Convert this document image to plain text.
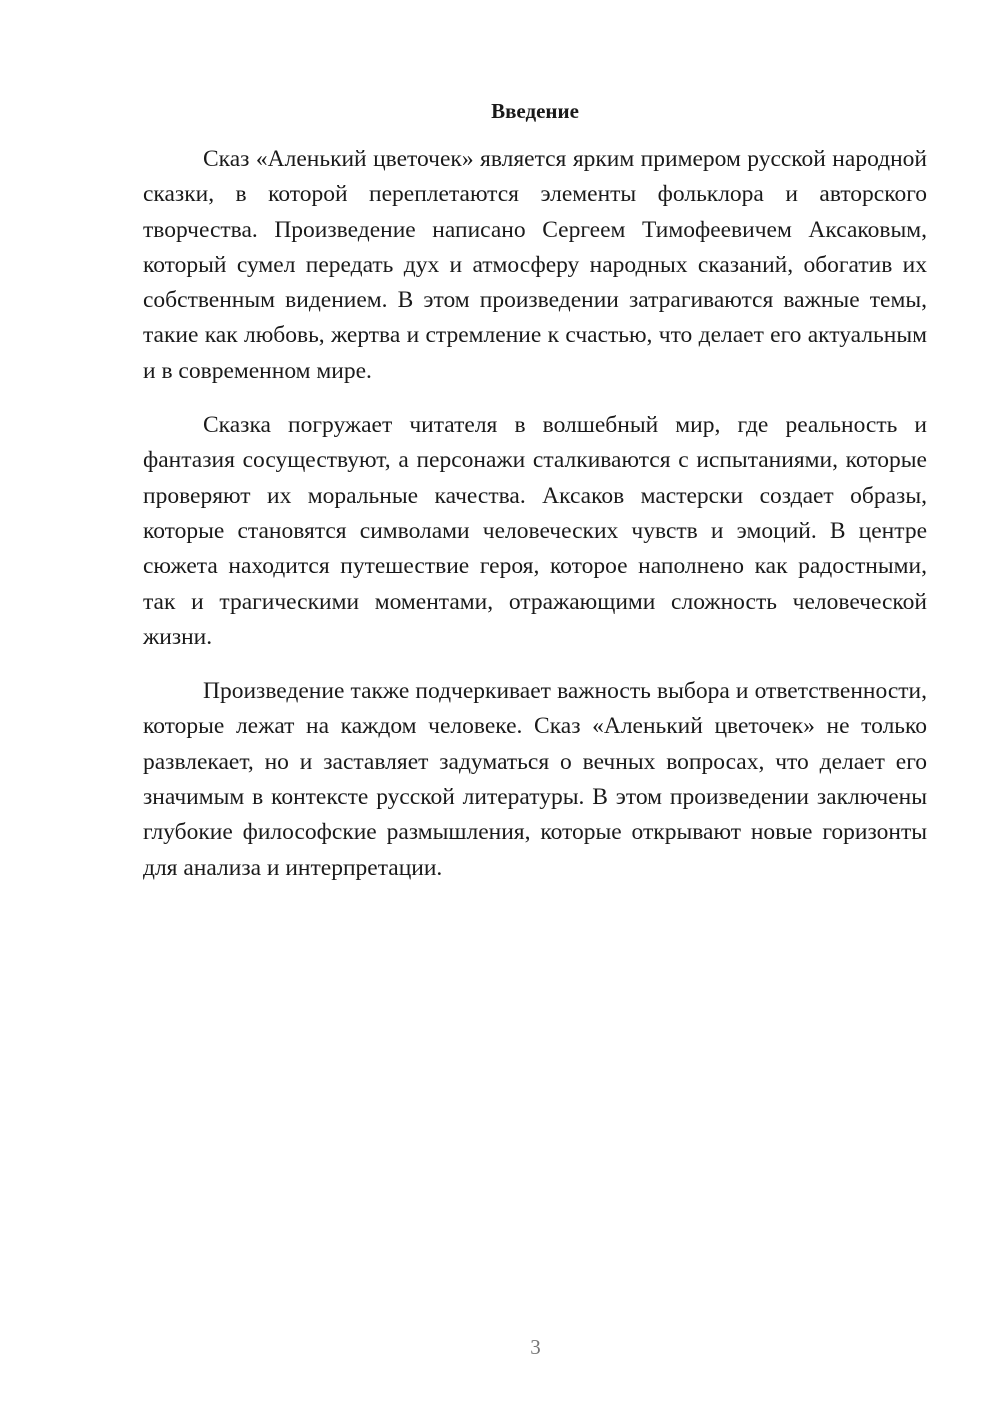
Введение

Сказ «Аленький цветочек» является ярким примером русской народной сказки, в которой переплетаются элементы фольклора и авторского творчества. Произведение написано Сергеем Тимофеевичем Аксаковым, который сумел передать дух и атмосферу народных сказаний, обогатив их собственным видением. В этом произведении затрагиваются важные темы, такие как любовь, жертва и стремление к счастью, что делает его актуальным и в современном мире.

Сказка погружает читателя в волшебный мир, где реальность и фантазия сосуществуют, а персонажи сталкиваются с испытаниями, которые проверяют их моральные качества. Аксаков мастерски создает образы, которые становятся символами человеческих чувств и эмоций. В центре сюжета находится путешествие героя, которое наполнено как радостными, так и трагическими моментами, отражающими сложность человеческой жизни.

Произведение также подчеркивает важность выбора и ответственности, которые лежат на каждом человеке. Сказ «Аленький цветочек» не только развлекает, но и заставляет задуматься о вечных вопросах, что делает его значимым в контексте русской литературы. В этом произведении заключены глубокие философские размышления, которые открывают новые горизонты для анализа и интерпретации.

3
